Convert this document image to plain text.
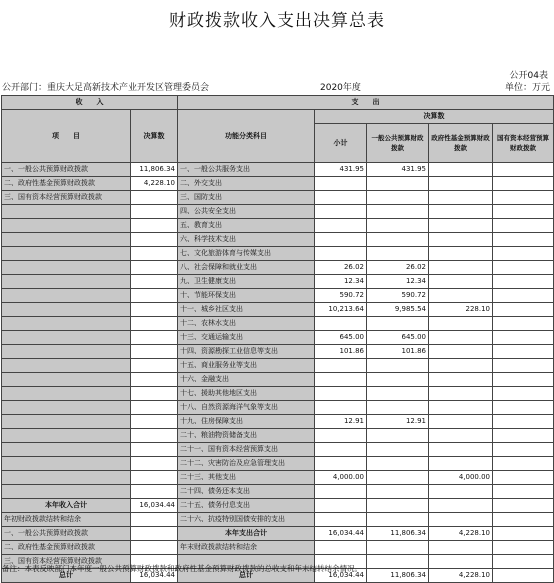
财政拨款收入支出决算总表
公开04表
公开部门：重庆大足高新技术产业开发区管理委员会	2020年度	单位：万元
收　　入		支　　出				
项　　目	决算数	功能分类科目	决算数			
			小计	一般公共预算财政拨款	政府性基金预算财政拨款	国有资本经营预算财政拨款
一、一般公共预算财政拨款	11,806.34	一、一般公共服务支出	431.95	431.95		
二、政府性基金预算财政拨款	4,228.10	二、外交支出				
三、国有资本经营预算财政拨款		三、国防支出				
		四、公共安全支出				
		五、教育支出				
		六、科学技术支出				
		七、文化旅游体育与传媒支出				
		八、社会保障和就业支出	26.02	26.02		
		九、卫生健康支出	12.34	12.34		
		十、节能环保支出	590.72	590.72		
		十一、城乡社区支出	10,213.64	9,985.54	228.10	
		十二、农林水支出				
		十三、交通运输支出	645.00	645.00		
		十四、资源勘探工业信息等支出	101.86	101.86		
		十五、商业服务业等支出				
		十六、金融支出				
		十七、援助其他地区支出				
		十八、自然资源海洋气象等支出				
		十九、住房保障支出	12.91	12.91		
		二十、粮油物资储备支出				
		二十一、国有资本经营预算支出				
		二十二、灾害防治及应急管理支出				
		二十三、其他支出	4,000.00		4,000.00	
		二十四、债务还本支出				
本年收入合计	16,034.44	二十五、债务付息支出				
年初财政拨款结转和结余		二十六、抗疫特别国债安排的支出				
一、一般公共预算财政拨款		本年支出合计	16,034.44	11,806.34	4,228.10	
二、政府性基金预算财政拨款		年末财政拨款结转和结余				
三、国有资本经营预算财政拨款						
总计	16,034.44	总计	16,034.44	11,806.34	4,228.10	
备注：本表反映部门本年度一般公共预算财政拨款和政府性基金预算财政拨款的总收支和年末结转结余情况。
